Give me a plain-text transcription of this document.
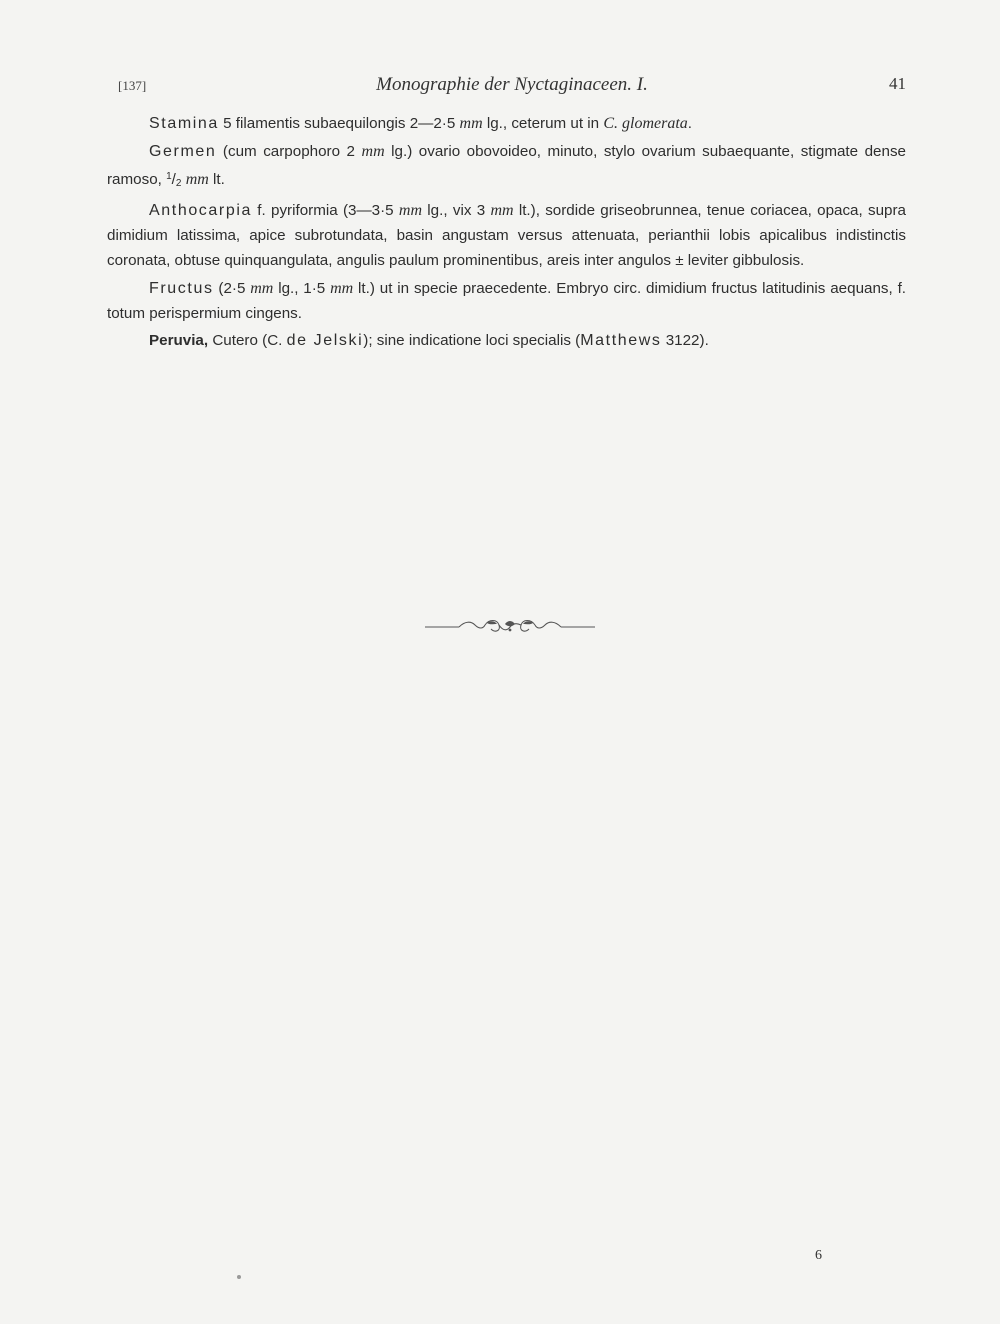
[137]	Monographie der Nyctaginaceen. I.	41

Stamina 5 filamentis subaequilongis 2—2·5 mm lg., ceterum ut in C. glomerata.

Germen (cum carpophoro 2 mm lg.) ovario obovoideo, minuto, stylo ovarium subaequante, stigmate dense ramoso, $^1/_2$ mm lt.

Anthocarpia f. pyriformia (3—3·5 mm lg., vix 3 mm lt.), sordide griseobrunnea, tenue coriacea, opaca, supra dimidium latissima, apice subrotundata, basin angustam versus attenuata, perianthii lobis apicalibus indistinctis coronata, obtuse quinquangulata, angulis paulum prominentibus, areis inter angulos ± leviter gibbulosis.

Fructus (2·5 mm lg., 1·5 mm lt.) ut in specie praecedente. Embryo circ. dimidium fructus latitudinis aequans, f. totum perispermium cingens.

Peruvia, Cutero (C. de Jelski); sine indicatione loci specialis (Matthews 3122).

6
